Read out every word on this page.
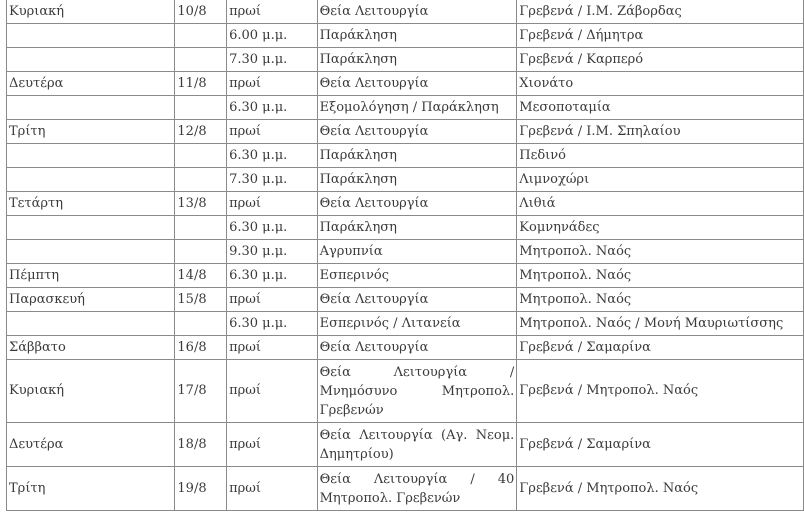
Κυριακή	10/8	πρωί	Θεία Λειτουργία	Γρεβενά / Ι.Μ. Ζάβορδας
		6.00 μ.μ.	Παράκληση	Γρεβενά / Δήμητρα
		7.30 μ.μ.	Παράκληση	Γρεβενά / Καρπερό
Δευτέρα	11/8	πρωί	Θεία Λειτουργία	Χιονάτο
		6.30 μ.μ.	Εξομολόγηση / Παράκληση	Μεσοποταμία
Τρίτη	12/8	πρωί	Θεία Λειτουργία	Γρεβενά / Ι.Μ. Σπηλαίου
		6.30 μ.μ.	Παράκληση	Πεδινό
		7.30 μ.μ.	Παράκληση	Λιμνοχώρι
Τετάρτη	13/8	πρωί	Θεία Λειτουργία	Λιθιά
		6.30 μ.μ.	Παράκληση	Κομνηνάδες
		9.30 μ.μ.	Αγρυπνία	Μητροπολ. Ναός
Πέμπτη	14/8	6.30 μ.μ.	Εσπερινός	Μητροπολ. Ναός
Παρασκευή	15/8	πρωί	Θεία Λειτουργία	Μητροπολ. Ναός
		6.30 μ.μ.	Εσπερινός / Λιτανεία	Μητροπολ. Ναός / Μονή Μαυριωτίσσης
Σάββατο	16/8	πρωί	Θεία Λειτουργία	Γρεβενά / Σαμαρίνα
Κυριακή	17/8	πρωί	Θεία Λειτουργία / Μνημόσυνο Μητροπολ. Γρεβενών	Γρεβενά / Μητροπολ. Ναός
Δευτέρα	18/8	πρωί	Θεία Λειτουργία (Αγ. Νεομ. Δημητρίου)	Γρεβενά / Σαμαρίνα
Τρίτη	19/8	πρωί	Θεία Λειτουργία / 40 Μητροπολ. Γρεβενών	Γρεβενά / Μητροπολ. Ναός
